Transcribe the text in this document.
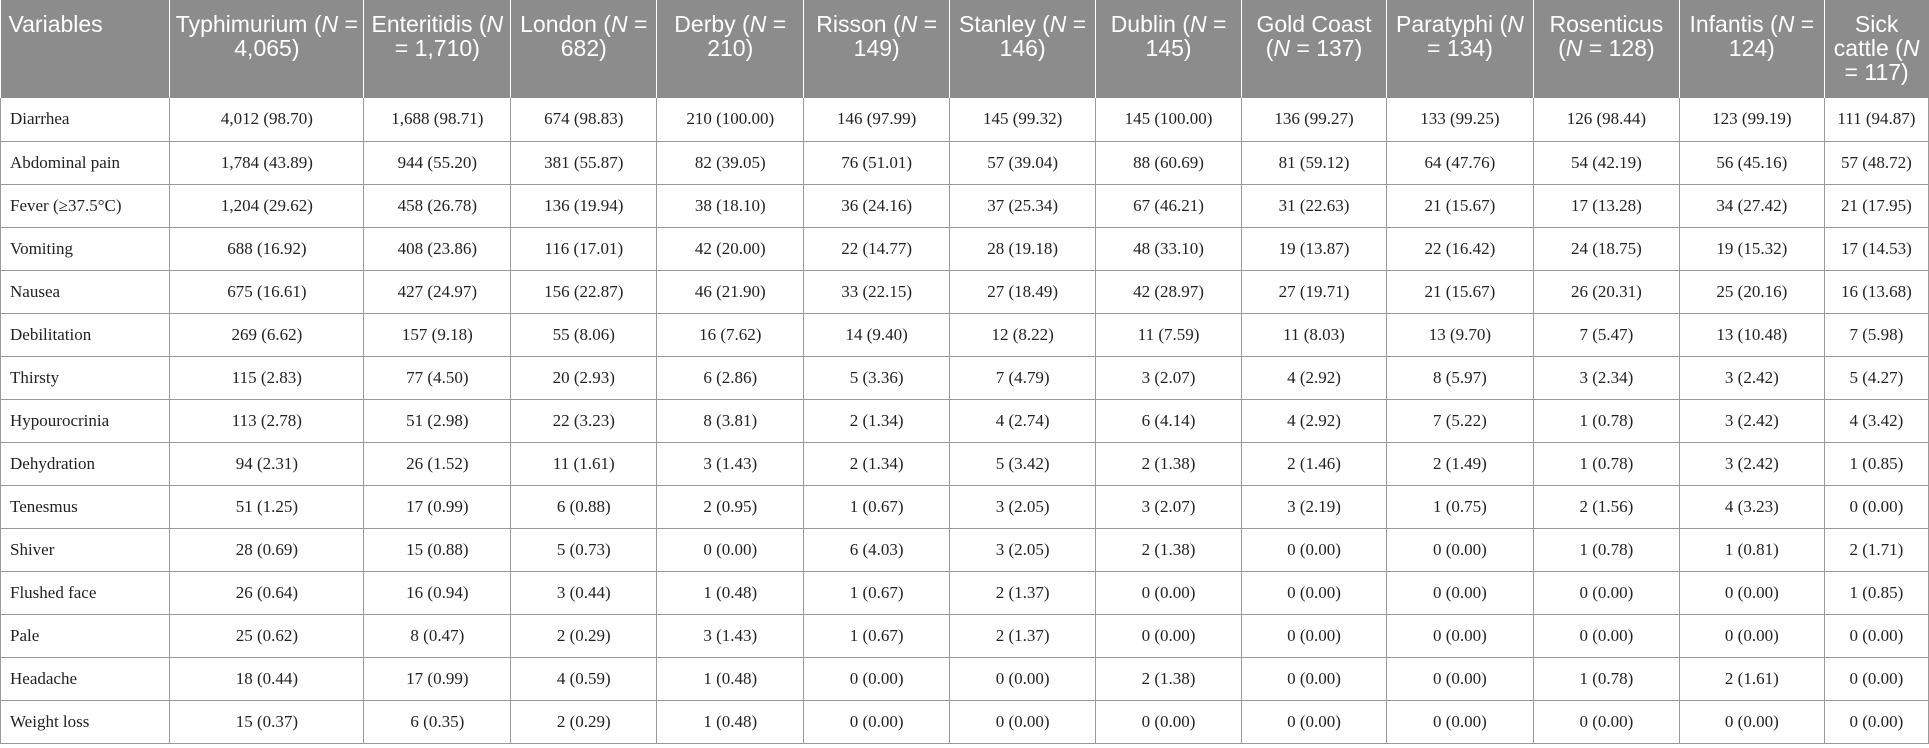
Variables	Typhimurium (N = 4,065)	Enteritidis (N = 1,710)	London (N = 682)	Derby (N = 210)	Risson (N = 149)	Stanley (N = 146)	Dublin (N = 145)	Gold Coast (N = 137)	Paratyphi (N = 134)	Rosenticus (N = 128)	Infantis (N = 124)	Sick cattle (N = 117)
Diarrhea	4,012 (98.70)	1,688 (98.71)	674 (98.83)	210 (100.00)	146 (97.99)	145 (99.32)	145 (100.00)	136 (99.27)	133 (99.25)	126 (98.44)	123 (99.19)	111 (94.87)
Abdominal pain	1,784 (43.89)	944 (55.20)	381 (55.87)	82 (39.05)	76 (51.01)	57 (39.04)	88 (60.69)	81 (59.12)	64 (47.76)	54 (42.19)	56 (45.16)	57 (48.72)
Fever (≥37.5°C)	1,204 (29.62)	458 (26.78)	136 (19.94)	38 (18.10)	36 (24.16)	37 (25.34)	67 (46.21)	31 (22.63)	21 (15.67)	17 (13.28)	34 (27.42)	21 (17.95)
Vomiting	688 (16.92)	408 (23.86)	116 (17.01)	42 (20.00)	22 (14.77)	28 (19.18)	48 (33.10)	19 (13.87)	22 (16.42)	24 (18.75)	19 (15.32)	17 (14.53)
Nausea	675 (16.61)	427 (24.97)	156 (22.87)	46 (21.90)	33 (22.15)	27 (18.49)	42 (28.97)	27 (19.71)	21 (15.67)	26 (20.31)	25 (20.16)	16 (13.68)
Debilitation	269 (6.62)	157 (9.18)	55 (8.06)	16 (7.62)	14 (9.40)	12 (8.22)	11 (7.59)	11 (8.03)	13 (9.70)	7 (5.47)	13 (10.48)	7 (5.98)
Thirsty	115 (2.83)	77 (4.50)	20 (2.93)	6 (2.86)	5 (3.36)	7 (4.79)	3 (2.07)	4 (2.92)	8 (5.97)	3 (2.34)	3 (2.42)	5 (4.27)
Hypourocrinia	113 (2.78)	51 (2.98)	22 (3.23)	8 (3.81)	2 (1.34)	4 (2.74)	6 (4.14)	4 (2.92)	7 (5.22)	1 (0.78)	3 (2.42)	4 (3.42)
Dehydration	94 (2.31)	26 (1.52)	11 (1.61)	3 (1.43)	2 (1.34)	5 (3.42)	2 (1.38)	2 (1.46)	2 (1.49)	1 (0.78)	3 (2.42)	1 (0.85)
Tenesmus	51 (1.25)	17 (0.99)	6 (0.88)	2 (0.95)	1 (0.67)	3 (2.05)	3 (2.07)	3 (2.19)	1 (0.75)	2 (1.56)	4 (3.23)	0 (0.00)
Shiver	28 (0.69)	15 (0.88)	5 (0.73)	0 (0.00)	6 (4.03)	3 (2.05)	2 (1.38)	0 (0.00)	0 (0.00)	1 (0.78)	1 (0.81)	2 (1.71)
Flushed face	26 (0.64)	16 (0.94)	3 (0.44)	1 (0.48)	1 (0.67)	2 (1.37)	0 (0.00)	0 (0.00)	0 (0.00)	0 (0.00)	0 (0.00)	1 (0.85)
Pale	25 (0.62)	8 (0.47)	2 (0.29)	3 (1.43)	1 (0.67)	2 (1.37)	0 (0.00)	0 (0.00)	0 (0.00)	0 (0.00)	0 (0.00)	0 (0.00)
Headache	18 (0.44)	17 (0.99)	4 (0.59)	1 (0.48)	0 (0.00)	0 (0.00)	2 (1.38)	0 (0.00)	0 (0.00)	1 (0.78)	2 (1.61)	0 (0.00)
Weight loss	15 (0.37)	6 (0.35)	2 (0.29)	1 (0.48)	0 (0.00)	0 (0.00)	0 (0.00)	0 (0.00)	0 (0.00)	0 (0.00)	0 (0.00)	0 (0.00)
